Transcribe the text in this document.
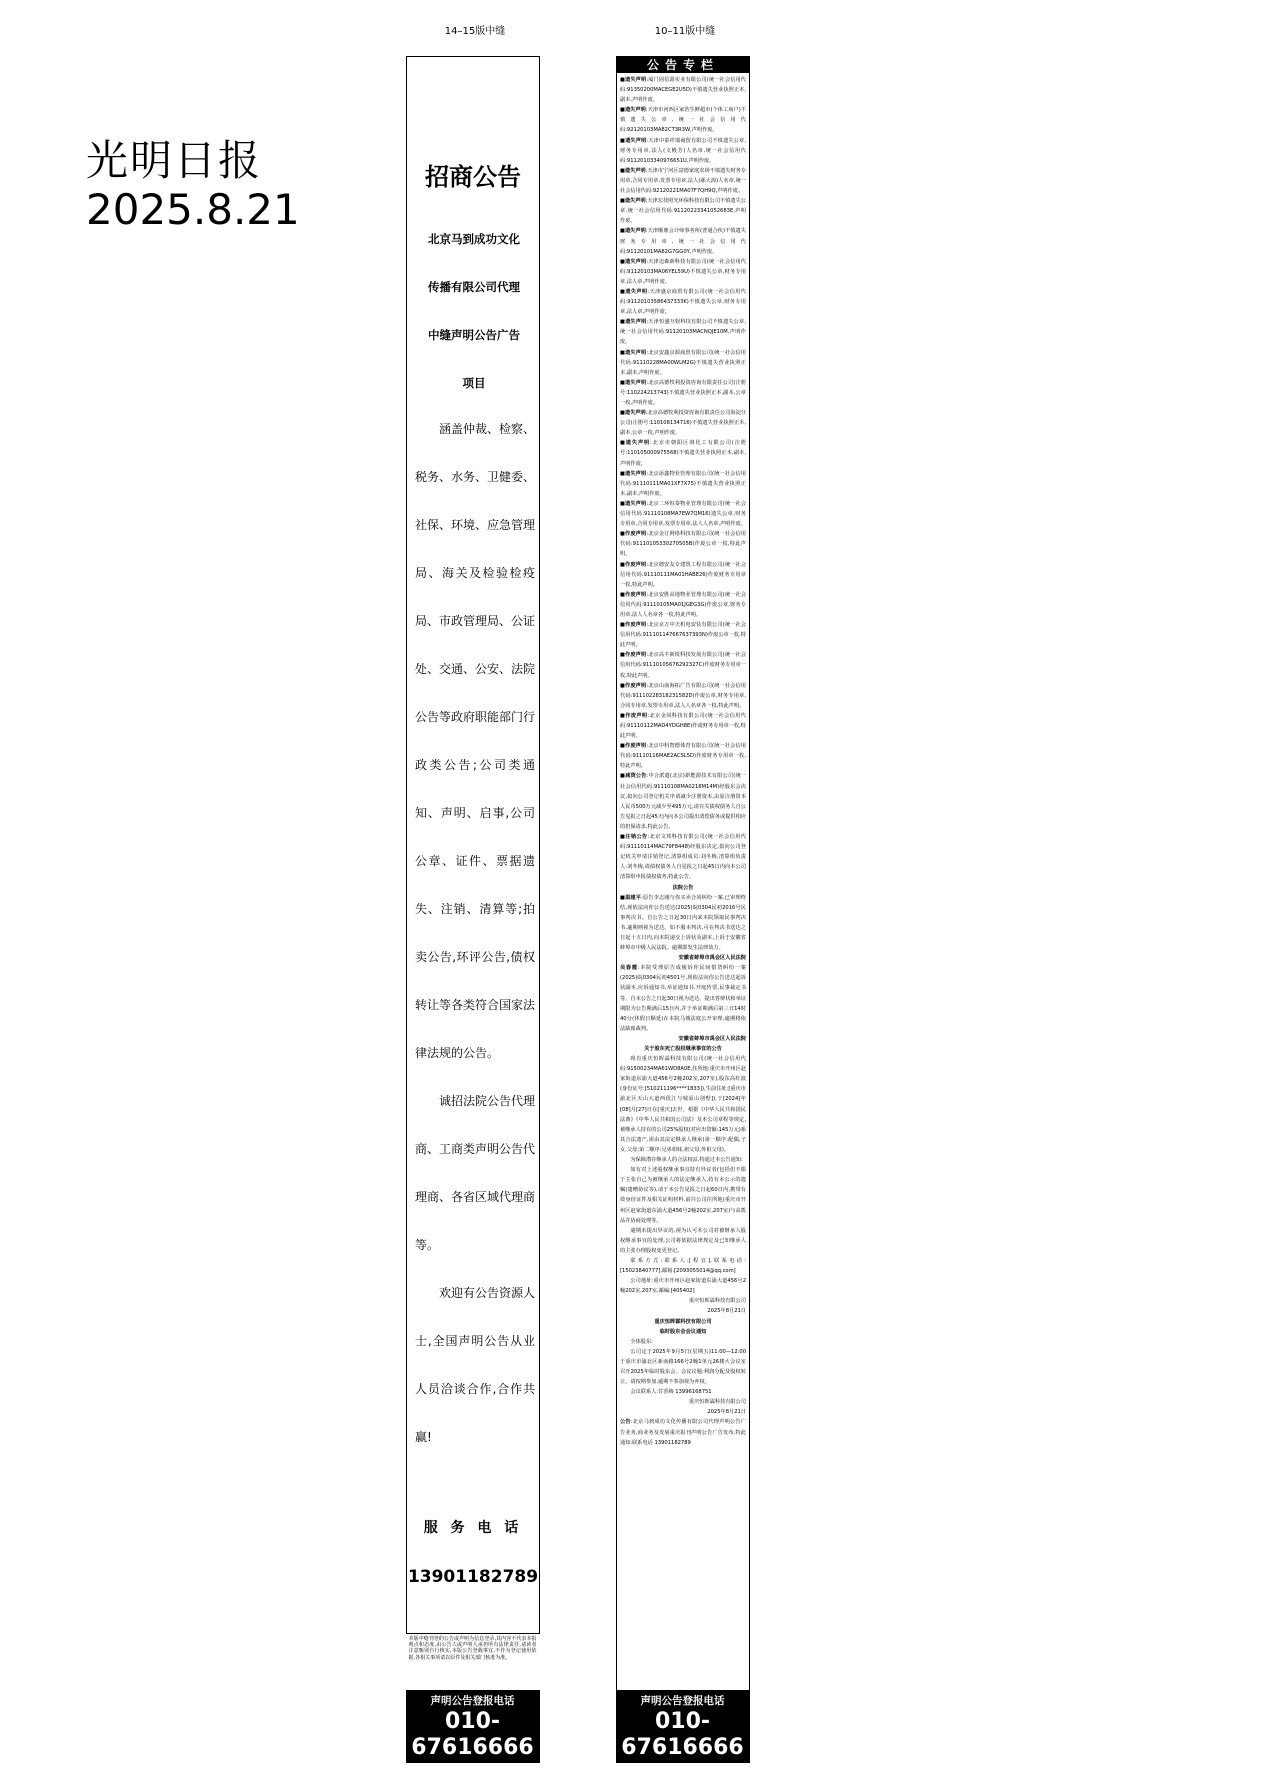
光明日报
2025.8.21
14–15版中缝	10–11版中缝
招商公告
北京马到成功文化
传播有限公司代理
中缝声明公告广告
项目

涵盖仲裁、检察、税务、水务、卫健委、社保、环境、应急管理局、海关及检验检疫局、市政管理局、公证处、交通、公安、法院公告等政府职能部门行政类公告;公司类通知、声明、启事,公司公章、证件、票据遗失、注销、清算等;拍卖公告,环评公告,债权转让等各类符合国家法律法规的公告。

诚招法院公告代理商、工商类声明公告代理商、各省区域代理商等。

欢迎有公告资源人士,全国声明公告从业人员洽谈合作,合作共赢!

服 务 电 话
13901182789
本版中缝刊登的公告或声明为信息登录,其内容不代表本报观点和态度,由公告人或声明人承担所有法律责任,请读者注意甄别自行核实,本版公告登载事宜,不作为登记使用依据,各相关事项请以原件及相关部门核准为准。
声明公告登报电话
010-67616666
公告专栏

■遗失声明:厦门固信源实业有限公司(统一社会信用代码:91350200MACEGE2U5D)不慎遗失营业执照正本,副本,声明作废。

■遗失声明:天津市河西区家浩生鲜超市(个体工商户)不慎遗失公章,统一社会信用代码:92120103MA82CT3R3W,声明作废。

■遗失声明:天津中泰祥瑞商贸有限公司不慎遗失公章,财务专用章,法人(文殿芳)人名章,统一社会信用代码:91120103340976651U,声明作废。

■遗失声明:天津市宁河区富德家庭农场不慎遗失财务专用章,合同专用章,发票专用章,法人(郝大海)人名章,统一社会信用代码:92120221MA07F7QH9Q,声明作废。

■遗失声明:天津宏技照光环保科技有限公司不慎遗失公章,统一社会信用代码:91120223341052683E,声明作废。

■遗失声明:天津顺鼎会计师事务所(普通合伙)不慎遗失财务专用章,统一社会信用代码:91120101MA82G7GG0Y,声明作废。

■遗失声明:天津迈森新科技有限公司(统一社会信用代码:91120103MA06YEL59U)不慎遗失公章,财务专用章,法人章,声明作废。

■遗失声明:天津盛京商贸有限公司(统一社会信用代码:91120103586437333K)不慎遗失公章,财务专用章,法人章,声明作废。

■遗失声明:天津恒盛互娱科技有限公司不慎遗失公章,统一社会信用代码:91120103MACNQJE10M,声明作废。

■遗失声明:北京安鑫京源商贸有限公司(统一社会信用代码:91110228MA00WLM2G)不慎遗失营业执照正本,副本,声明作废。

■遗失声明:北京高德牧利投资咨询有限责任公司(注册号:110224213743)不慎遗失营业执照正本,副本,公章一枚,声明作废。

■遗失声明:北京高德牧利投资咨询有限责任公司海淀分公司(注册号:110108134716)不慎遗失营业执照正本,副本,公章一枚,声明作废。

■遗失声明:北京市朝阳区润化工有限公司(注册号:110105000975568)不慎遗失营业执照正本,副本,声明作废。

■遗失声明:北京添鑫物业管理有限公司(统一社会信用代码:91110111MA01XF7X75)不慎遗失营业执照正本,副本,声明作废。

■遗失声明:北京二环恒泰物业管理有限公司(统一社会信用代码:91110108MA7EW7QM16)遗失公章,财务专用章,合同专用章,发票专用章,法人人名章,声明作废。

■作废声明:北京金订网络科技有限公司(统一社会信用代码:91110105330270505B)作废公章一枚,特此声明。

■作废声明:北京德安友专建筑工程有限公司(统一社会信用代码:91110111MA01HABE26)作废财务专用章一枚,特此声明。

■作废声明:北京安胜高地物业管理有限公司(统一社会信用代码:91110105MA01JGEG3G)作废公章,财务专用章,法人人名章各一枚,特此声明。

■作废声明:北京京万中天机电安装有限公司(统一社会信用代码:911101147667637393N)作废公章一枚,特此声明。

■作废声明:北京高丰新锐科技发展有限公司(统一社会信用代码:91110105676292327C)作废财务专用章一枚,特此声明。

■作废声明:北京山南海拓广告有限公司(统一社会信用代码:91110228318231582D)作废公章,财务专用章,合同专用章,发票专用章,法人人名章各一枚,特此声明。

■作废声明:北京金凤科技有限公司(统一社会信用代码:91110112MAD4YDGH8E)作废财务专用章一枚,特此声明。

■作废声明:北京中科智德体育有限公司(统一社会信用代码:91110116MAE2ACSL5D)作废财务专用章一枚,特此声明。

■减资公告:中合派遣(北京)新能源技术有限公司(统一社会信用代码:91110108MA0218M14M)经股东会决议,拟向公司登记机关申请减少注册资本,由原注册资本人民币500万元减少至495万元,请有关债权债务人自公告见报之日起45天内向本公司提出清偿债务或提供相应的担保请求,特此公告。

■注销公告:北京文邦科技有限公司(统一社会信用代码:91110114MAC79F8448)经股东决定,拟向公司登记机关申请注销登记,清算组成员:刘冬梅,清算组负责人:刘冬梅,请债权债务人自见报之日起45日内向本公司清算组申报债权债务,特此公告。

法院公告

■温建平:原告李志刚与你买卖合同纠纷一案,已审理终结,现依法向你公告送达(2025)皖0304民初2016号民事判决书。自公告之日起30日内来本院领取民事判决书,逾期则视为送达。如不服本判决,可在判决书送达之日起十五日内,向本院递交上诉状及副本,上诉于安徽省蚌埠市中级人民法院。逾期即发生法律效力。

安徽省蚌埠市禹会区人民法院

吴春霞:本院受理原告成俊诉你民间借贷纠纷一案(2025)皖0304民初4501号,现依法向你公告送达起诉状副本,应诉通知书,举证通知书,开庭传票,民事裁定书等。自本公告之日起30日视为送达。提出答辩状和举证期限为公告期满后15日内,并于举证期满后第三日14时40分(休假日顺延)在本院马城法庭公开审理,逾期将依法缺席裁判。

安徽省蚌埠市禹会区人民法院

关于股东死亡股权继承事宜的公告

现有重庆恒晖霖科技有限公司(统一社会信用代码:91500234MA61WD8A0E,住所地:重庆市开州区赵家街道东浦大道456号2幢202室,207室),股东高红波(身份证号:[510211196****1833]),生前住址:[重庆市渝北区天山大道西段江与城原山别墅]),于[2024]年[08]月[27]日在[重庆]去世。根据《中华人民共和国民法典》《中华人民共和国公司法》及本公司章程等规定,被继承人持有的公司25%股权(对应出资额:145万元)系其合法遗产,需由其法定继承人继承(第一顺序:配偶,子女,父母;第二顺序:兄弟姐妹,祖父母,外祖父母)。

为保障潜在继承人的合法权益,特通过本公告通知:

如有对上述股权继承事宜持有异议者(包括但不限于主张自己为被继承人的法定继承人,持有本公示的遗嘱(遗赠协议等),请于本公告见报之日起60日内,携带有效身份证件及相关证明材料,前往公司住所地(重庆市开州区赵家街道东浦大道456号2幢202室,207室)与高凯品并协商处理等。

逾期未提出异议的,视为认可本公司对被继承人股权继承事宜的处理,公司将依据法律规定及已知继承人的主张办理股权变更登记。

联系方式:联系人:[程宜],联系电话:[15023840777],邮箱:[2093055014@qq.com]

公司地址:重庆市开州区赵家街道东浦大道456号2幢202室,207室,邮编:[405402]

重庆恒晖霖科技有限公司

2025年8月21日

重庆恒晖霖科技有限公司

临时股东会会议通知

全体股东:

公司定于2025年9月5日(星期五)11:00—12:00于重庆市渝北区新南路166号2幢1单元26楼大会议室召开2025年临时股东会。会议议题:利润分配及股权转让。请按期参加,逾期不参加视为弃权。

会议联系人:甘香梅 13996168751

重庆恒晖霖科技有限公司

2025年8月21日

公告:北京马到成功文化传播有限公司代理声明公告广告业务,商业务及发展重庆报刊声明公告广告发布,特此通知:联系电话 13901182789

声明公告登报电话
010-67616666
